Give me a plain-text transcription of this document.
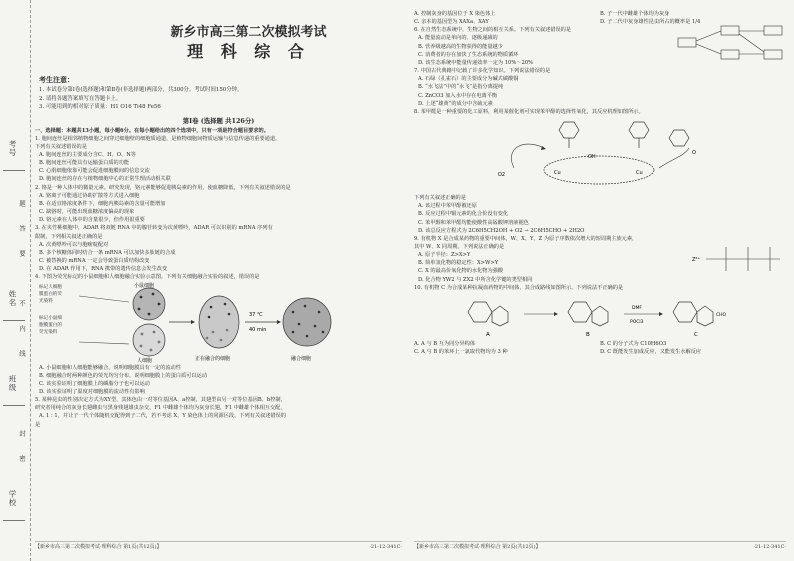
考号
姓名
班级
学校
题
答
要
不
内
线
封
密
新乡市高三第二次模拟考试
理 科 综 合
考生注意：
1. 本试卷分第Ⅰ卷(选择题)和第Ⅱ卷(非选择题)两部分，共300分。考试时间150分钟。
2. 请将各题答案填写在答题卡上。
3. 可能用到的相对原子质量：H1 O16 Ti48 Fe56
第Ⅰ卷 (选择题 共126分)
一、选择题：本题共13小题，每小题6分。在每小题给出的四个选项中，只有一项是符合题目要求的。
1. 胞间连丝是相邻植物细胞之间穿过细胞壁的细胞质通道，是植物细胞间物质运输与信息传递的重要通道。
下列有关叙述错误的是
A. 胞间连丝的主要成分含C、H、O、N等
B. 胞间连丝可能具有运输蛋白质的功能
C. 心肌细胞依靠可能会促进细胞膜间的信息交流
D. 胞间连丝的存在与植物细胞中心的正常生理活动相关联
2. 铬是一种人体中的微量元素。研究发现，铬元素能够促进胰岛素的作用，使血糖降低，下列有关叙述错误的是
A. 铬离子可能通过协助扩散等方式进入细胞
B. 在适宜铬浓度条件下，细胞内胰岛素的含量可能增加
C. 缺铬时，可能出现血糖浓度偏高的现象
D. 铬元素在人体中的含量很少，但作用很重要
3. 在夹竹桃细胞中，ADAR 将双链 RNA 中的腺苷转变为次黄嘌呤，ADAR 可以识别的 mRNA 序列有
限制，下列相关叙述正确的是
A. 次黄嘌呤可以与胞嘧啶配对
B. 多个核糖体同时结合一条 mRNA 可以加快多肽链的合成
C. 被替换的 mRNA 一定会导致蛋白质结构改变
D. 在 ADAR 作用下，RNA 携带的遗传信息会发生改变
4. 下图为荧光标记的小鼠细胞和人细胞融合实验示意图。下列有关细胞融合实验的叙述，错误的是
标记人细胞
膜蛋白的荧
光染料
标记小鼠细
胞膜蛋白的
荧光染料
小鼠细胞
人细胞	正在融合的细胞
37 ℃
40 min
融合细胞
A. 小鼠细胞和人细胞能够融合，说明细胞膜具有一定的流动性
B. 细胞融合时两种颜色的荧光均匀分布，说明细胞膜上的蛋白质可以运动
C. 该实验证明了细胞膜上的磷脂分子也可以运动
D. 该实验证明了温度对细胞膜的流动性有影响
5. 某种昆虫的性别决定方式为XY型，其体色由一对等位基因A、a控制，其翅型由另一对等位基因B、b控制，
研究者用纯合的灰身长翅雌虫与黑身残翅雄虫杂交，F1 中雌雄个体均为灰身长翅，F1 中雌雄个体相互交配，
A. 1 : 1，并让子一代个体随机交配得到子二代，若不考虑 X、Y 染色体上的同源区段，下列有关叙述错误的
是
A. 控制灰身的基因位于 X 染色体上	B. 子一代中雌雄个体均为灰身
C. 亲本的基因型为 XAXa、XAY	D. 子二代中灰身雄性昆虫所占的概率是 1/4
6. 在自然生态系统中，生物之间的相互关系。下列有关叙述错误的是
A. 能量流动是单向的、逐级递减的
B. 营养级越高的生物获得的能量越少
C. 消费者的存在加快了生态系统的物质循环
D. 该生态系统中能量传递效率一定为 10%～20%
7. 中国古代典籍中记载了许多化学知识。下列说法错误的是
A. 石绿（孔雀石）的主要成分为碱式碳酸铜
B. “水飞法”中的“水飞”是指分离提纯
C. ZnCO3 加入水中存在电离平衡
D. 上述“雄黄”的成分中含硫元素
8. 苯甲醛是一种重要的化工原料，利用某催化剂可实现苯甲醇的选择性氧化，其反应机理如图所示。
OH
Cu	Cu
O2
O
下列有关叙述正确的是
A. 该过程中苯甲醇被还原
B. 反应过程中铜元素的化合价没有变化
C. 苯甲醇和苯甲醛均能使酸性高锰酸钾溶液褪色
D. 该总反应方程式为 2C6H5CH2OH + O2 → 2C6H5CHO + 2H2O
9. 有机物 X 是合成某药物的重要中间体，W、X、Y、Z 为原子序数依次增大的短周期主族元素，
其中 W、X 同周期。下列说法正确的是
A. 原子半径：Z>X>Y
B. 简单氢化物的稳定性：X>W>Y
C. X 的最高价氧化物的水化物为强酸
D. 化合物 YW2 与 ZX2 中所含化学键的类型相同
Z²⁺
10. 有机物 C 为合成某种抗凝血药物的中间体，其合成路线如图所示。下列说法不正确的是
A	B
DMF
POCl3
CHO
C
A. A 与 B 互为同分异构体	B. C 的分子式为 C10H6O3
C. A 与 B 的苯环上一氯取代物均为 3 种	D. C 既能发生加成反应，又能发生水解反应
【新乡市高三第二次模拟考试·理科综合 第1页(共12页)】	·21-12-341C· 【新乡市高三第二次模拟考试·理科综合 第2页(共12页)】	·21-12-341C·
